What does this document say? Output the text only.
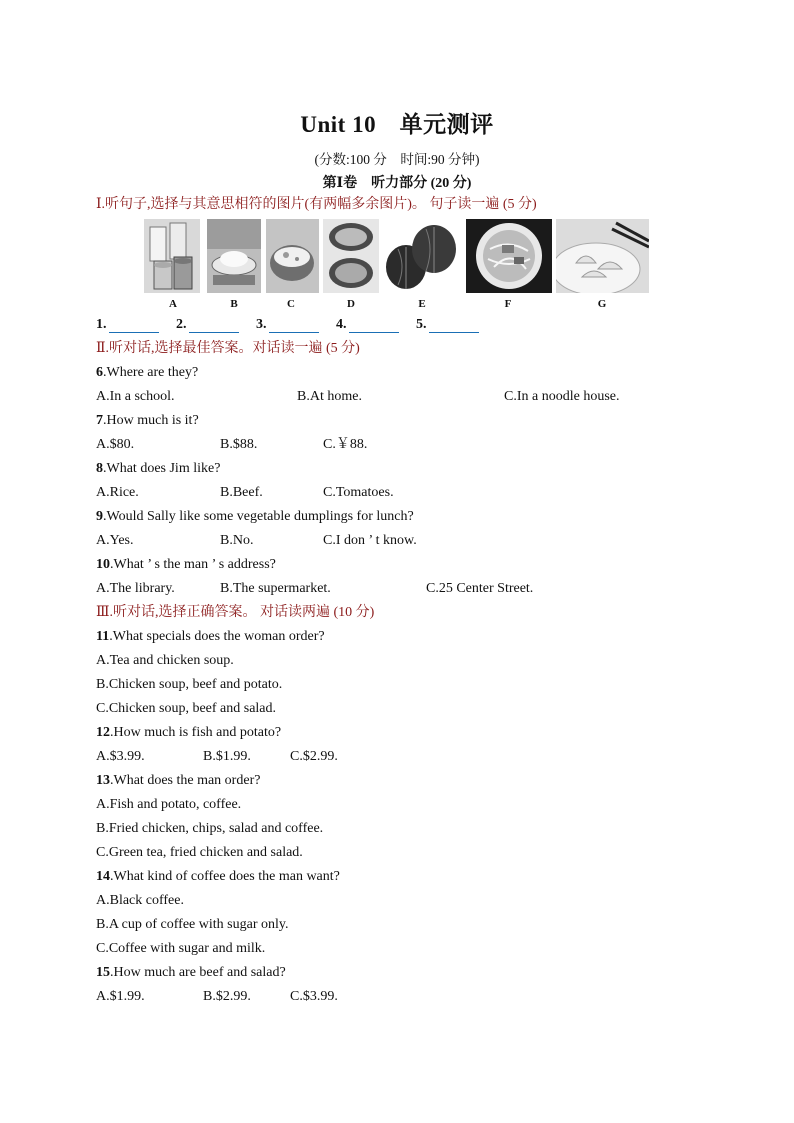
Unit 10　单元测评
(分数:100 分　时间:90 分钟)
第Ⅰ卷　听力部分 (20 分)
Ⅰ.听句子,选择与其意思相符的图片(有两幅多余图片)。 句子读一遍 (5 分)
A	B	C	D	E	F	G
1.	2.	3.	4.	5.
Ⅱ.听对话,选择最佳答案。对话读一遍 (5 分)
6.Where are they?
A.In a school.	B.At home.	C.In a noodle house.
7.How much is it?
A.$80.	B.$88.	C.￥88.
8.What does Jim like?
A.Rice.	B.Beef.	C.Tomatoes.
9.Would Sally like some vegetable dumplings for lunch?
A.Yes.	B.No.	C.I don ’ t know.
10.What ’ s the man ’ s address?
A.The library.	B.The supermarket.	C.25 Center Street.
Ⅲ.听对话,选择正确答案。 对话读两遍 (10 分)
11.What specials does the woman order?
A.Tea and chicken soup.
B.Chicken soup, beef and potato.
C.Chicken soup, beef and salad.
12.How much is fish and potato?
A.$3.99.	B.$1.99.	C.$2.99.
13.What does the man order?
A.Fish and potato, coffee.
B.Fried chicken, chips, salad and coffee.
C.Green tea, fried chicken and salad.
14.What kind of coffee does the man want?
A.Black coffee.
B.A cup of coffee with sugar only.
C.Coffee with sugar and milk.
15.How much are beef and salad?
A.$1.99.	B.$2.99.	C.$3.99.
